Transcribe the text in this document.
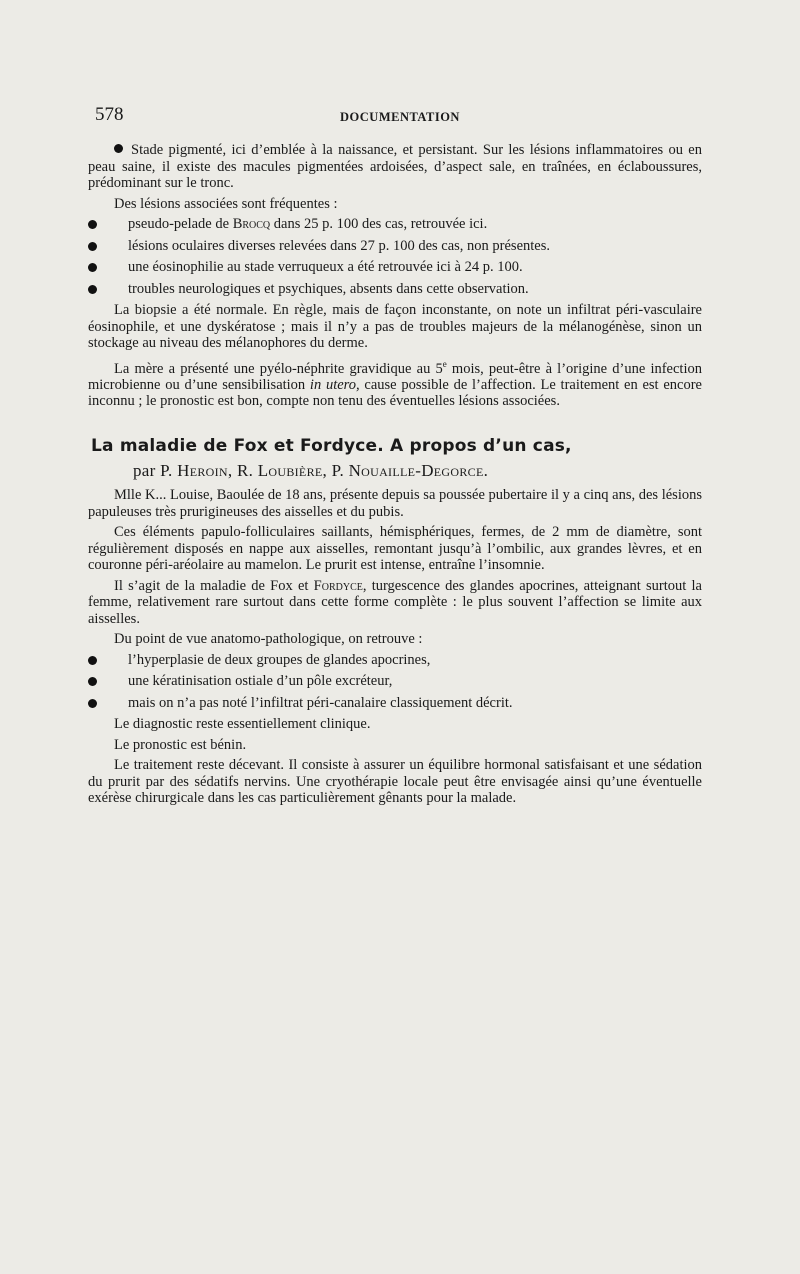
578	DOCUMENTATION

Stade pigmenté, ici d’emblée à la naissance, et persistant. Sur les lésions inflammatoires ou en peau saine, il existe des macules pigmentées ardoisées, d’aspect sale, en traînées, en éclaboussures, prédominant sur le tronc.

Des lésions associées sont fréquentes :

pseudo-pelade de Brocq dans 25 p. 100 des cas, retrouvée ici.
lésions oculaires diverses relevées dans 27 p. 100 des cas, non présentes.
une éosinophilie au stade verruqueux a été retrouvée ici à 24 p. 100.
troubles neurologiques et psychiques, absents dans cette observation.

La biopsie a été normale. En règle, mais de façon inconstante, on note un infiltrat péri-vasculaire éosinophile, et une dyskératose ; mais il n’y a pas de troubles majeurs de la mélanogénèse, sinon un stockage au niveau des mélanophores du derme.

La mère a présenté une pyélo-néphrite gravidique au 5e mois, peut-être à l’origine d’une infection microbienne ou d’une sensibilisation in utero, cause possible de l’affection. Le traitement en est encore inconnu ; le pronostic est bon, compte non tenu des éventuelles lésions associées.

La maladie de Fox et Fordyce. A propos d’un cas,
par P. Heroin, R. Loubière, P. Nouaille-Degorce.

Mlle K... Louise, Baoulée de 18 ans, présente depuis sa poussée pubertaire il y a cinq ans, des lésions papuleuses très prurigineuses des aisselles et du pubis.

Ces éléments papulo-folliculaires saillants, hémisphériques, fermes, de 2 mm de diamètre, sont régulièrement disposés en nappe aux aisselles, remontant jusqu’à l’ombilic, aux grandes lèvres, et en couronne péri-aréolaire au mamelon. Le prurit est intense, entraîne l’insomnie.

Il s’agit de la maladie de Fox et Fordyce, turgescence des glandes apocrines, atteignant surtout la femme, relativement rare surtout dans cette forme complète : le plus souvent l’affection se limite aux aisselles.

Du point de vue anatomo-pathologique, on retrouve :

l’hyperplasie de deux groupes de glandes apocrines,
une kératinisation ostiale d’un pôle excréteur,
mais on n’a pas noté l’infiltrat péri-canalaire classiquement décrit.

Le diagnostic reste essentiellement clinique.

Le pronostic est bénin.

Le traitement reste décevant. Il consiste à assurer un équilibre hormonal satisfaisant et une sédation du prurit par des sédatifs nervins. Une cryothérapie locale peut être envisagée ainsi qu’une éventuelle exérèse chirurgicale dans les cas particulièrement gênants pour la malade.
